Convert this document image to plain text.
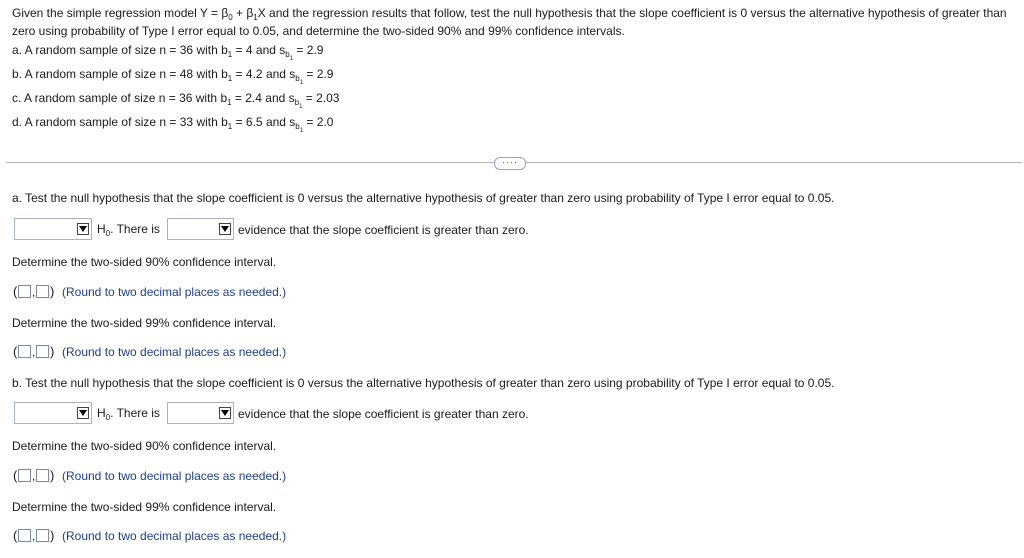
Given the simple regression model $Y = \beta_0 + \beta_1X$ and the regression results that follow, test the null hypothesis that the slope coefficient is 0 versus the alternative hypothesis of greater than
zero using probability of Type I error equal to 0.05, and determine the two-sided 90% and 99% confidence intervals.
a. A random sample of size n = 36 with $b_1 = 4$ and $s_{b_1} = 2.9$
b. A random sample of size n = 48 with $b_1 = 4.2$ and $s_{b_1} = 2.9$
c. A random sample of size n = 36 with $b_1 = 2.4$ and $s_{b_1} = 2.03$
d. A random sample of size n = 33 with $b_1 = 6.5$ and $s_{b_1} = 2.0$
····
a. Test the null hypothesis that the slope coefficient is 0 versus the alternative hypothesis of greater than zero using probability of Type I error equal to 0.05.
$H_0$. There is	evidence that the slope coefficient is greater than zero.
Determine the two-sided 90% confidence interval.
( , ) (Round to two decimal places as needed.)
Determine the two-sided 99% confidence interval.
( , ) (Round to two decimal places as needed.)
b. Test the null hypothesis that the slope coefficient is 0 versus the alternative hypothesis of greater than zero using probability of Type I error equal to 0.05.
$H_0$. There is	evidence that the slope coefficient is greater than zero.
Determine the two-sided 90% confidence interval.
( , ) (Round to two decimal places as needed.)
Determine the two-sided 99% confidence interval.
( , ) (Round to two decimal places as needed.)
